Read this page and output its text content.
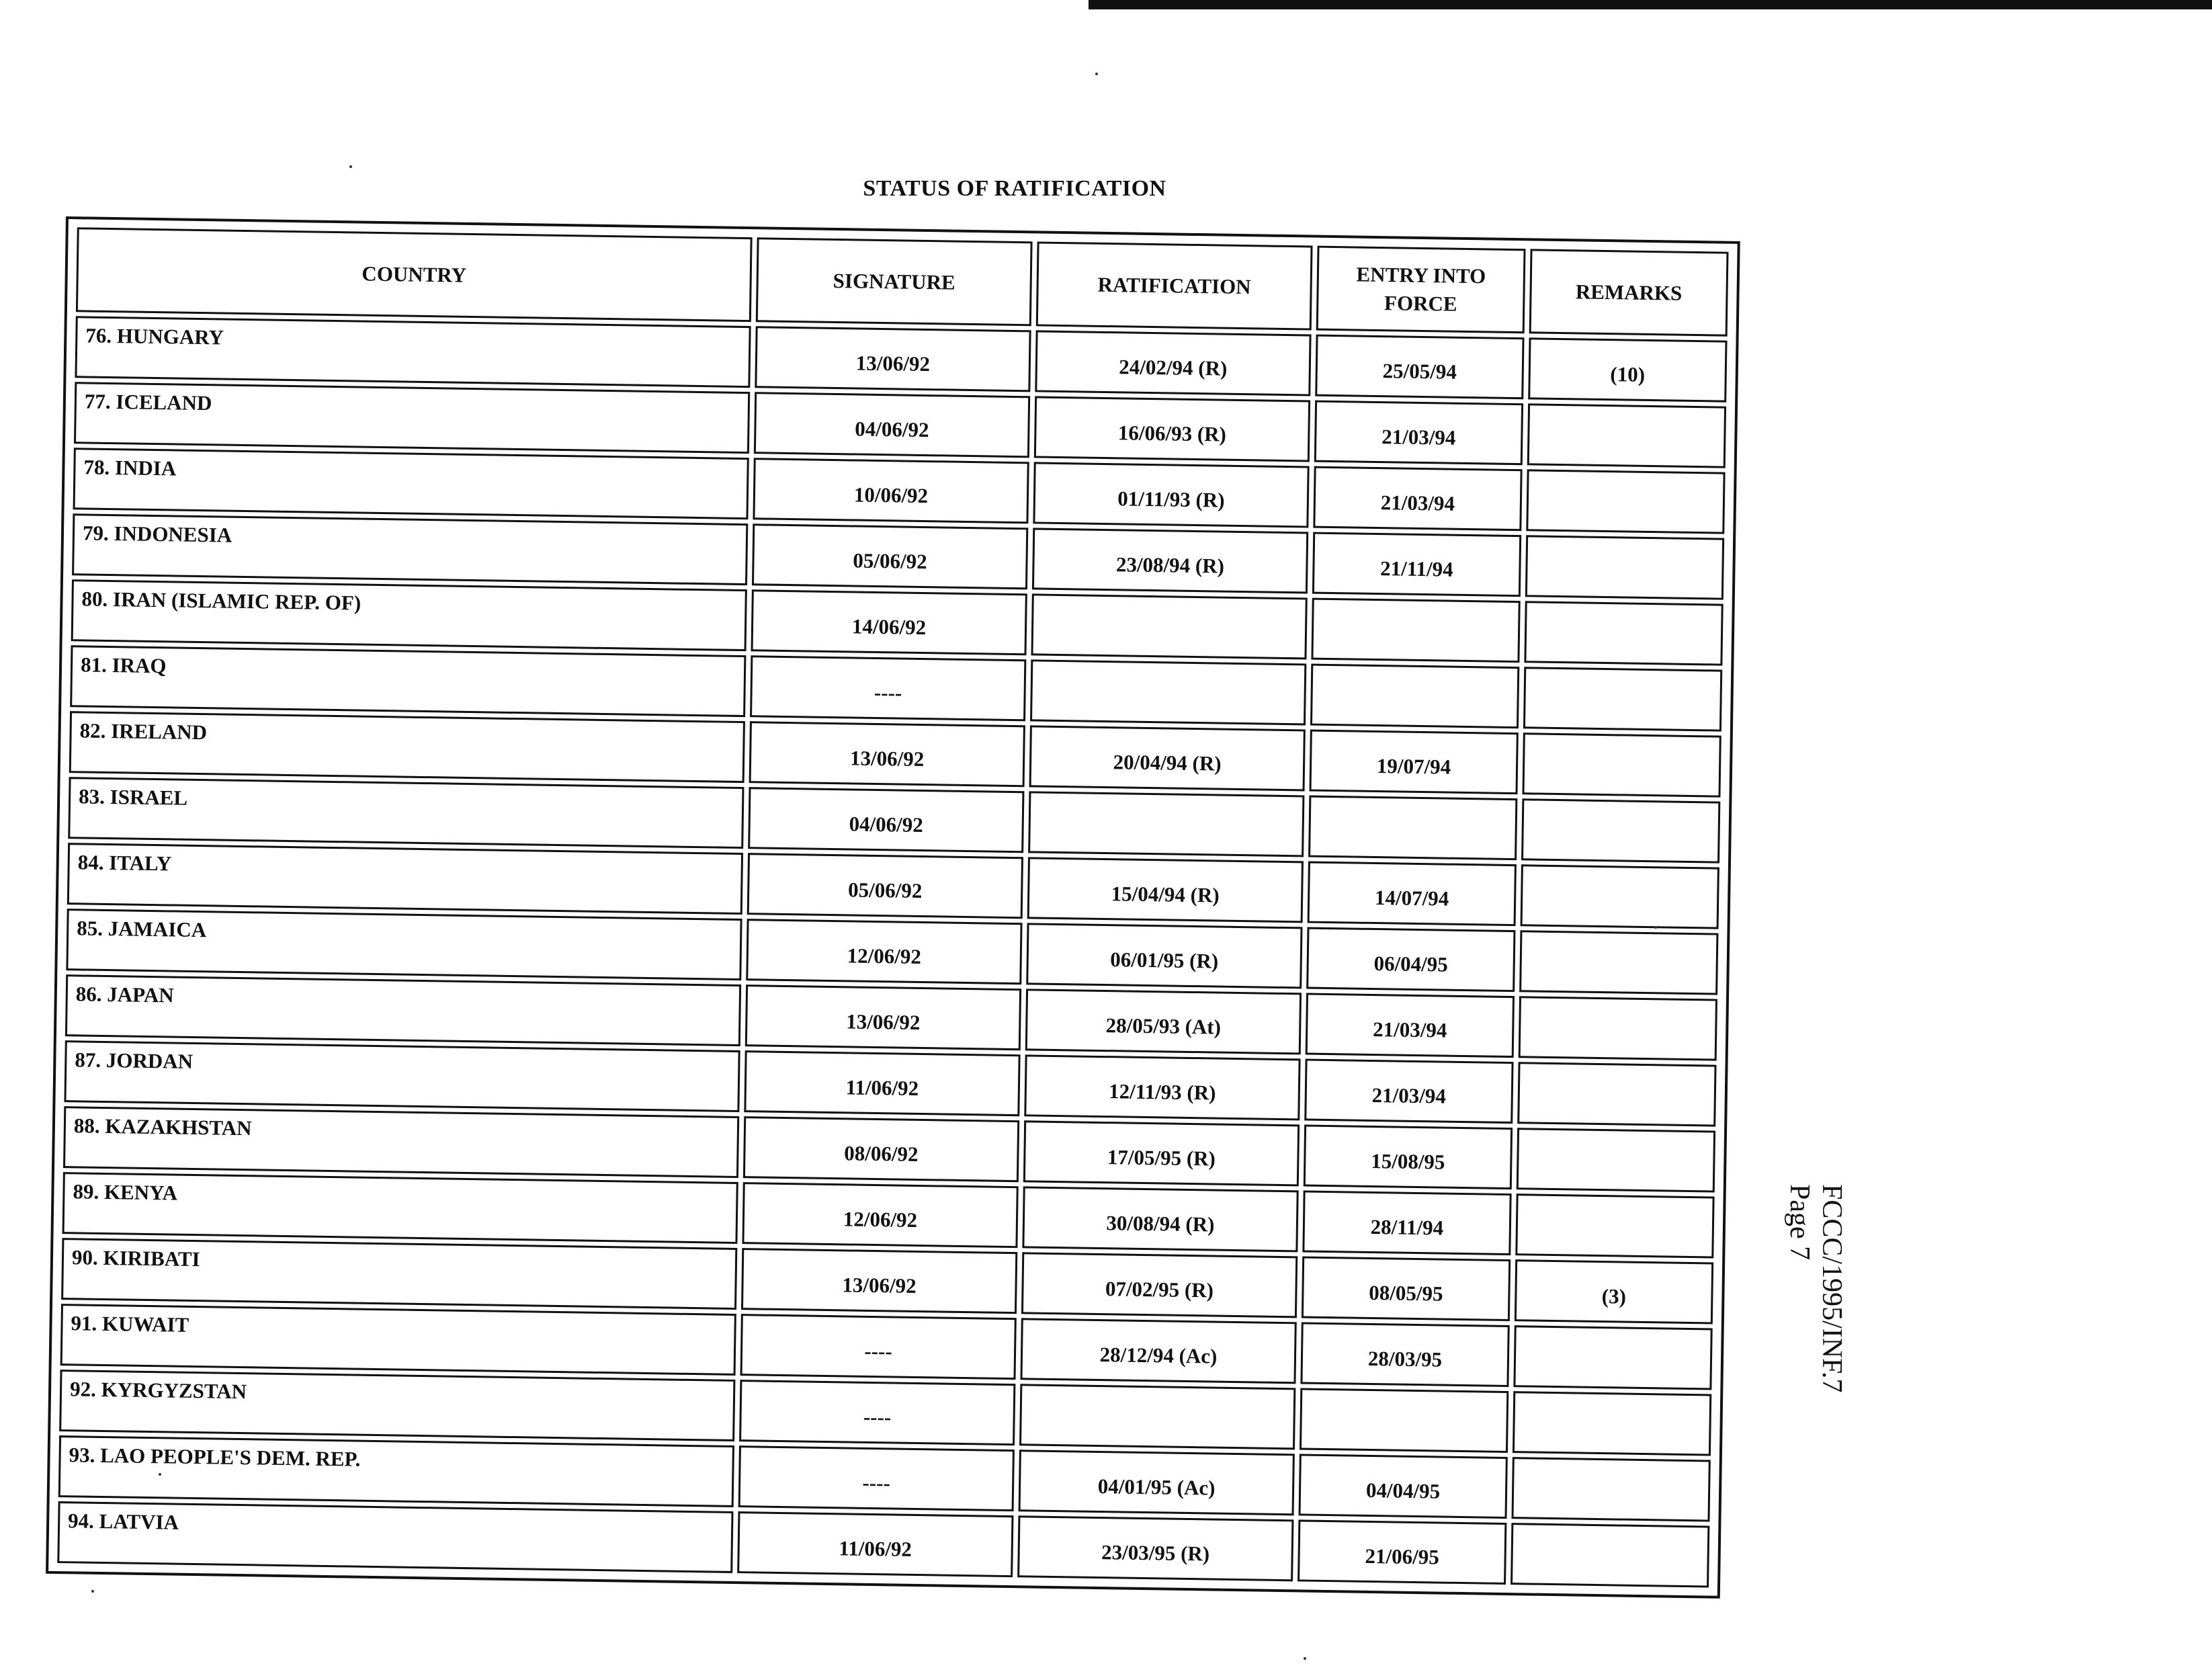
STATUS OF RATIFICATION
COUNTRY	SIGNATURE	RATIFICATION	ENTRY INTO FORCE	REMARKS
76. HUNGARY	13/06/92	24/02/94 (R)	25/05/94	(10)
77. ICELAND	04/06/92	16/06/93 (R)	21/03/94	
78. INDIA	10/06/92	01/11/93 (R)	21/03/94	
79. INDONESIA	05/06/92	23/08/94 (R)	21/11/94	
80. IRAN (ISLAMIC REP. OF)	14/06/92			
81. IRAQ	----			
82. IRELAND	13/06/92	20/04/94 (R)	19/07/94	
83. ISRAEL	04/06/92			
84. ITALY	05/06/92	15/04/94 (R)	14/07/94	
85. JAMAICA	12/06/92	06/01/95 (R)	06/04/95	
86. JAPAN	13/06/92	28/05/93 (At)	21/03/94	
87. JORDAN	11/06/92	12/11/93 (R)	21/03/94	
88. KAZAKHSTAN	08/06/92	17/05/95 (R)	15/08/95	
89. KENYA	12/06/92	30/08/94 (R)	28/11/94	
90. KIRIBATI	13/06/92	07/02/95 (R)	08/05/95	(3)
91. KUWAIT	----	28/12/94 (Ac)	28/03/95	
92. KYRGYZSTAN	----			
93. LAO PEOPLE'S DEM. REP.	----	04/01/95 (Ac)	04/04/95	
94. LATVIA	11/06/92	23/03/95 (R)	21/06/95	
FCCC/1995/INF.7
Page 7
